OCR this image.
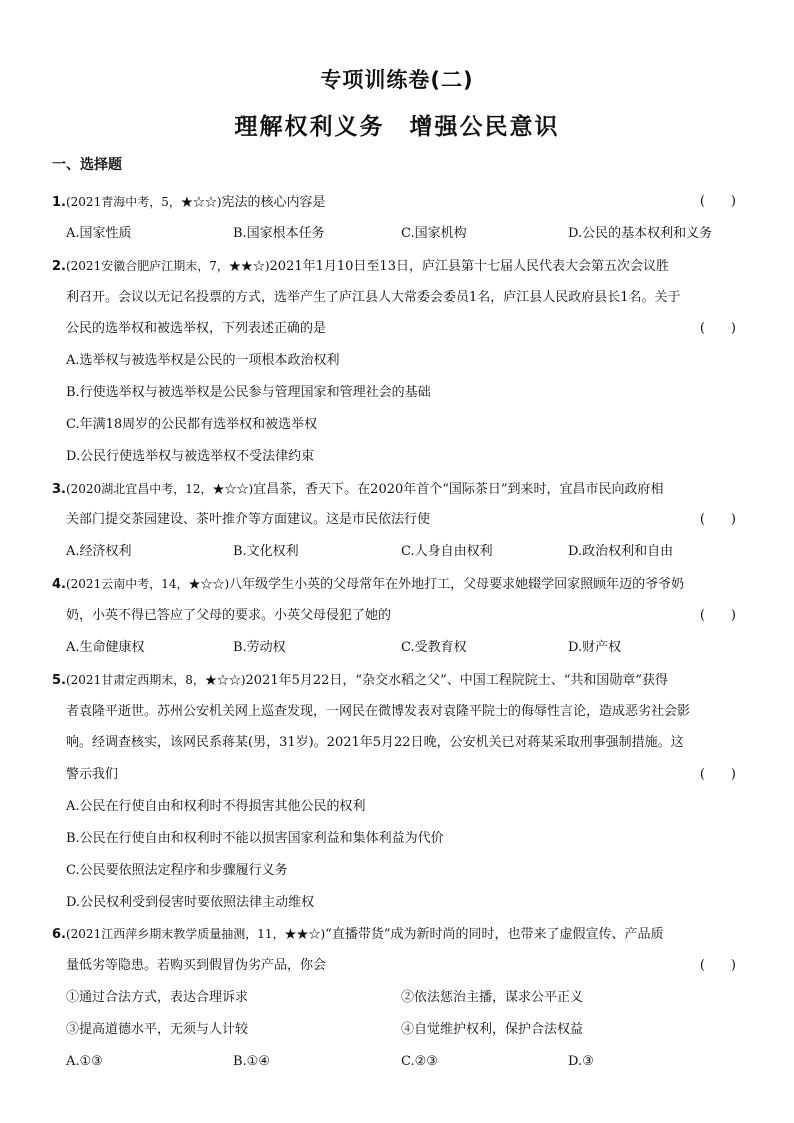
专项训练卷(二)
理解权利义务　增强公民意识
一、选择题
1.(2021青海中考，5，★☆☆)宪法的核心内容是	(　　)
A.国家性质	B.国家根本任务	C.国家机构	D.公民的基本权利和义务
2.(2021安徽合肥庐江期末，7，★★☆)2021年1月10日至13日，庐江县第十七届人民代表大会第五次会议胜
利召开。会议以无记名投票的方式，选举产生了庐江县人大常委会委员1名，庐江县人民政府县长1名。关于
公民的选举权和被选举权，下列表述正确的是	(　　)
A.选举权与被选举权是公民的一项根本政治权利
B.行使选举权与被选举权是公民参与管理国家和管理社会的基础
C.年满18周岁的公民都有选举权和被选举权
D.公民行使选举权与被选举权不受法律约束
3.(2020湖北宜昌中考，12，★☆☆)宜昌茶，香天下。在2020年首个“国际茶日”到来时，宜昌市民向政府相
关部门提交茶园建设、茶叶推介等方面建议。这是市民依法行使	(　　)
A.经济权利	B.文化权利	C.人身自由权利	D.政治权利和自由
4.(2021云南中考，14，★☆☆)八年级学生小英的父母常年在外地打工，父母要求她辍学回家照顾年迈的爷爷奶
奶，小英不得已答应了父母的要求。小英父母侵犯了她的	(　　)
A.生命健康权	B.劳动权	C.受教育权	D.财产权
5.(2021甘肃定西期末，8，★☆☆)2021年5月22日，“杂交水稻之父”、中国工程院院士、“共和国勋章”获得
者袁隆平逝世。苏州公安机关网上巡查发现，一网民在微博发表对袁隆平院士的侮辱性言论，造成恶劣社会影
响。经调查核实，该网民系蒋某(男，31岁)。2021年5月22日晚，公安机关已对蒋某采取刑事强制措施。这
警示我们	(　　)
A.公民在行使自由和权利时不得损害其他公民的权利
B.公民在行使自由和权利时不能以损害国家利益和集体利益为代价
C.公民要依照法定程序和步骤履行义务
D.公民权利受到侵害时要依照法律主动维权
6.(2021江西萍乡期末教学质量抽测，11，★★☆)“直播带货”成为新时尚的同时，也带来了虚假宣传、产品质
量低劣等隐患。若购买到假冒伪劣产品，你会	(　　)
①通过合法方式，表达合理诉求	②依法惩治主播，谋求公平正义
③提高道德水平，无须与人计较	④自觉维护权利，保护合法权益
A.①③	B.①④	C.②③	D.③
